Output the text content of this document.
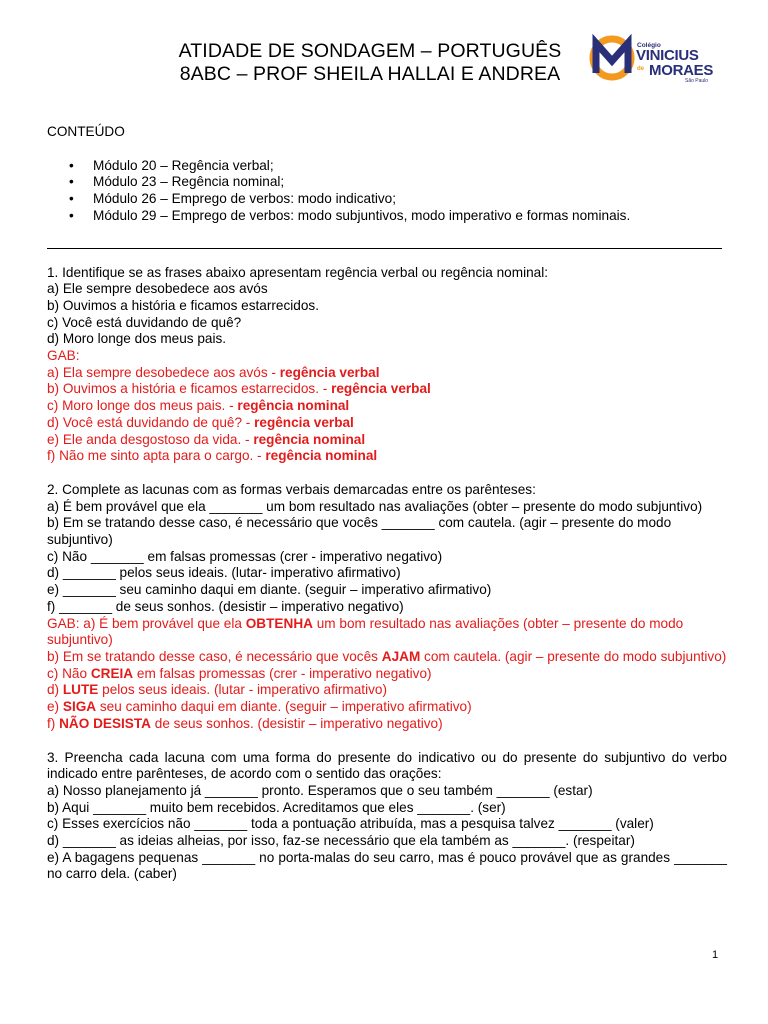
ATIDADE DE SONDAGEM – PORTUGUÊS
8ABC – PROF SHEILA HALLAI E ANDREA
Colégio
VINICIUS
de MORAES
São Paulo
CONTEÚDO
• Módulo 20 – Regência verbal;
• Módulo 23 – Regência nominal;
• Módulo 26 – Emprego de verbos: modo indicativo;
• Módulo 29 – Emprego de verbos: modo subjuntivos, modo imperativo e formas nominais.
1. Identifique se as frases abaixo apresentam regência verbal ou regência nominal:
a) Ele sempre desobedece aos avós
b) Ouvimos a história e ficamos estarrecidos.
c) Você está duvidando de quê?
d) Moro longe dos meus pais.
GAB:
a) Ela sempre desobedece aos avós - regência verbal
b) Ouvimos a história e ficamos estarrecidos. - regência verbal
c) Moro longe dos meus pais. - regência nominal
d) Você está duvidando de quê? - regência verbal
e) Ele anda desgostoso da vida. - regência nominal
f) Não me sinto apta para o cargo. - regência nominal
2. Complete as lacunas com as formas verbais demarcadas entre os parênteses:
a) É bem provável que ela _______ um bom resultado nas avaliações (obter – presente do modo subjuntivo)
b) Em se tratando desse caso, é necessário que vocês _______ com cautela. (agir – presente do modo subjuntivo)
c) Não _______ em falsas promessas (crer - imperativo negativo)
d) _______ pelos seus ideais. (lutar- imperativo afirmativo)
e) _______ seu caminho daqui em diante. (seguir – imperativo afirmativo)
f) _______ de seus sonhos. (desistir – imperativo negativo)
GAB: a) É bem provável que ela OBTENHA um bom resultado nas avaliações (obter – presente do modo subjuntivo)
b) Em se tratando desse caso, é necessário que vocês AJAM com cautela. (agir – presente do modo subjuntivo)
c) Não CREIA em falsas promessas (crer - imperativo negativo)
d) LUTE pelos seus ideais. (lutar - imperativo afirmativo)
e) SIGA seu caminho daqui em diante. (seguir – imperativo afirmativo)
f) NÃO DESISTA de seus sonhos. (desistir – imperativo negativo)
3. Preencha cada lacuna com uma forma do presente do indicativo ou do presente do subjuntivo do verbo indicado entre parênteses, de acordo com o sentido das orações:
a) Nosso planejamento já _______ pronto. Esperamos que o seu também _______ (estar)
b) Aqui _______ muito bem recebidos. Acreditamos que eles _______. (ser)
c) Esses exercícios não _______ toda a pontuação atribuída, mas a pesquisa talvez _______ (valer)
d) _______ as ideias alheias, por isso, faz-se necessário que ela também as _______. (respeitar)
e) A bagagens pequenas _______ no porta-malas do seu carro, mas é pouco provável que as grandes _______ no carro dela. (caber)
1
